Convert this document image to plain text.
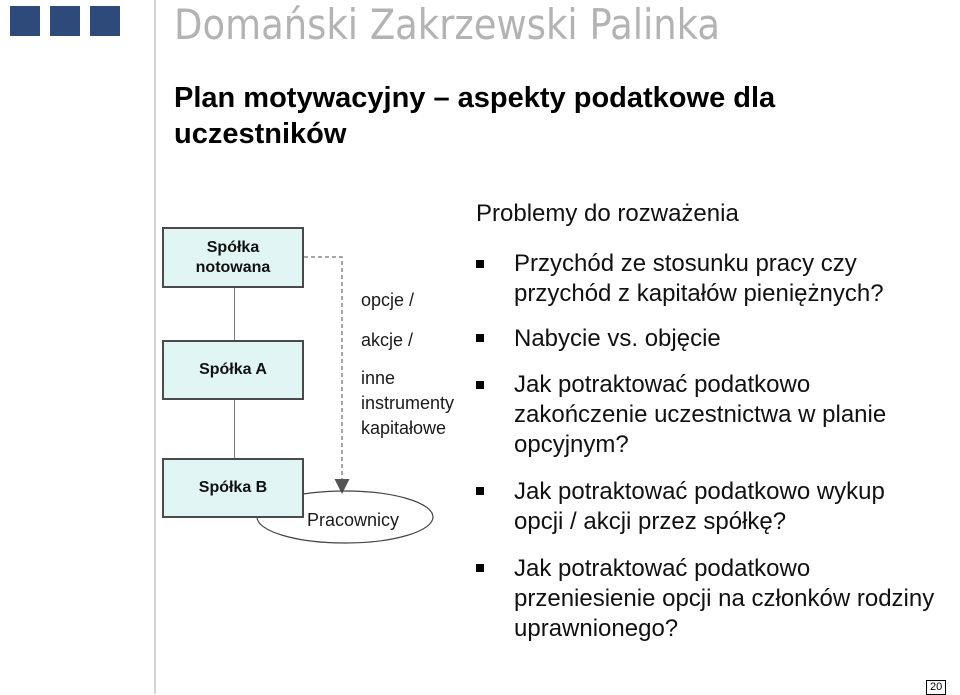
Domański Zakrzewski Palinka
Plan motywacyjny – aspekty podatkowe dla
uczestników
Spółka
notowana
Spółka A
Spółka B
opcje /
akcje /
inne
instrumenty
kapitałowe
Pracownicy
Problemy do rozważenia
Przychód ze stosunku pracy czy
przychód z kapitałów pieniężnych?
Nabycie vs. objęcie
Jak potraktować podatkowo
zakończenie uczestnictwa w planie
opcyjnym?
Jak potraktować podatkowo wykup
opcji / akcji przez spółkę?
Jak potraktować podatkowo
przeniesienie opcji na członków rodziny
uprawnionego?
20
